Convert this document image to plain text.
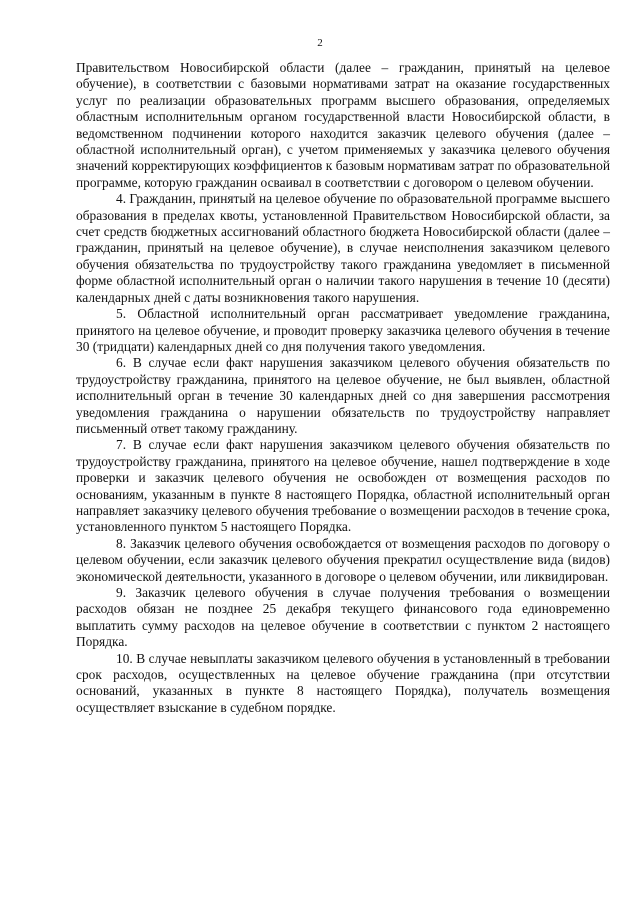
2

Правительством Новосибирской области (далее – гражданин, принятый на целевое обучение), в соответствии с базовыми нормативами затрат на оказание государственных услуг по реализации образовательных программ высшего образования, определяемых областным исполнительным органом государственной власти Новосибирской области, в ведомственном подчинении которого находится заказчик целевого обучения (далее – областной исполнительный орган), с учетом применяемых у заказчика целевого обучения значений корректирующих коэффициентов к базовым нормативам затрат по образовательной программе, которую гражданин осваивал в соответствии с договором о целевом обучении.

4. Гражданин, принятый на целевое обучение по образовательной программе высшего образования в пределах квоты, установленной Правительством Новосибирской области, за счет средств бюджетных ассигнований областного бюджета Новосибирской области (далее – гражданин, принятый на целевое обучение), в случае неисполнения заказчиком целевого обучения обязательства по трудоустройству такого гражданина уведомляет в письменной форме областной исполнительный орган о наличии такого нарушения в течение 10 (десяти) календарных дней с даты возникновения такого нарушения.

5. Областной исполнительный орган рассматривает уведомление гражданина, принятого на целевое обучение, и проводит проверку заказчика целевого обучения в течение 30 (тридцати) календарных дней со дня получения такого уведомления.

6. В случае если факт нарушения заказчиком целевого обучения обязательств по трудоустройству гражданина, принятого на целевое обучение, не был выявлен, областной исполнительный орган в течение 30 календарных дней со дня завершения рассмотрения уведомления гражданина о нарушении обязательств по трудоустройству направляет письменный ответ такому гражданину.

7. В случае если факт нарушения заказчиком целевого обучения обязательств по трудоустройству гражданина, принятого на целевое обучение, нашел подтверждение в ходе проверки и заказчик целевого обучения не освобожден от возмещения расходов по основаниям, указанным в пункте 8 настоящего Порядка, областной исполнительный орган направляет заказчику целевого обучения требование о возмещении расходов в течение срока, установленного пунктом 5 настоящего Порядка.

8. Заказчик целевого обучения освобождается от возмещения расходов по договору о целевом обучении, если заказчик целевого обучения прекратил осуществление вида (видов) экономической деятельности, указанного в договоре о целевом обучении, или ликвидирован.

9. Заказчик целевого обучения в случае получения требования о возмещении расходов обязан не позднее 25 декабря текущего финансового года единовременно выплатить сумму расходов на целевое обучение в соответствии с пунктом 2 настоящего Порядка.

10. В случае невыплаты заказчиком целевого обучения в установленный в требовании срок расходов, осуществленных на целевое обучение гражданина (при отсутствии оснований, указанных в пункте 8 настоящего Порядка), получатель возмещения осуществляет взыскание в судебном порядке.
